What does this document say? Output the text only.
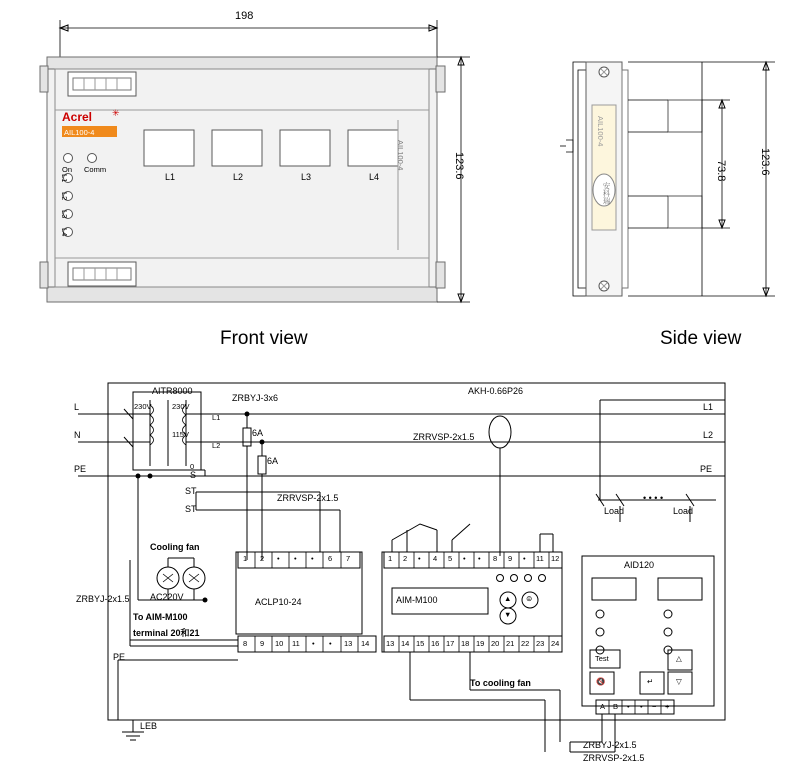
198
123.6	73.8	123.6
Acrel ✳
AIL100-4
On Comm
L1
L2
L3
L4
L1	L2	L3	L4
AIL100-4
安科瑞
AIL100-4
Front view	Side view
AITR8000
230V	230V
115V
0
L
N
PE
L1
L2
PE
L1
L2
S
ST
ST
ZRBYJ-3x6
ZRRVSP-2x1.5
ZRRVSP-2x1.5
ZRBYJ-2x1.5
ZRBYJ-2x1.5
ZRRVSP-2x1.5
6A
6A
AKH-0.66P26
Load	Load
• • • •
Cooling fan
AC220V
To AIM-M100
terminal 20和21
PE
LEB
To cooling fan
ACLP10-24	AIM-M100
AID120
1 2 • • • 6 7
8 9 10 11 • • 13 14
1 2 • 4 5 • • 8 9 • 11 12
13 14 15 16 17 18 19 20 21 22 23 24
▲
▼
⊜
Test	△
▽
↵
🔇
A B • • − +
